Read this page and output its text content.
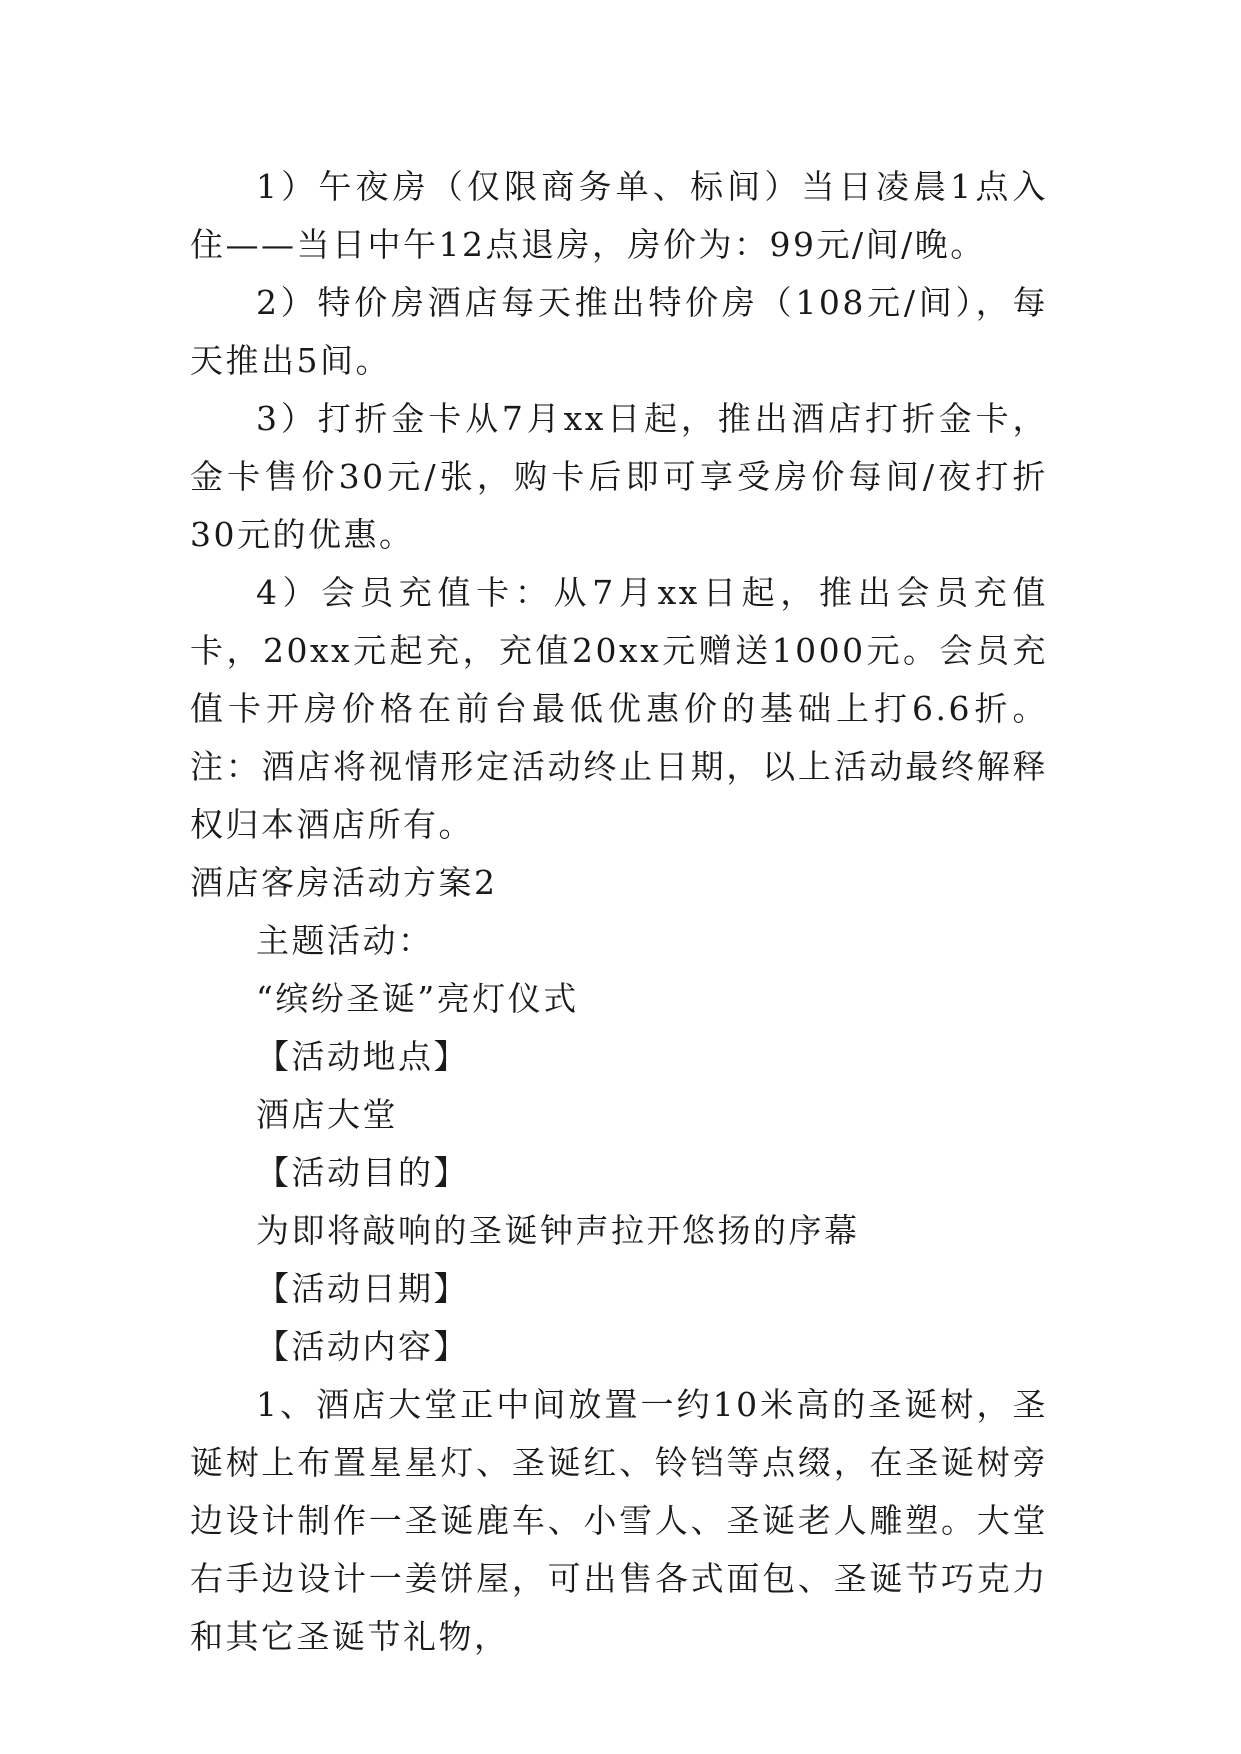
1）午夜房（仅限商务单、标间）当日凌晨1点入住——当日中午12点退房，房价为：99元/间/晚。

2）特价房酒店每天推出特价房（108元/间），每天推出5间。

3）打折金卡从7月xx日起，推出酒店打折金卡，金卡售价30元/张，购卡后即可享受房价每间/夜打折30元的优惠。

4）会员充值卡：从7月xx日起，推出会员充值卡，20xx元起充，充值20xx元赠送1000元。会员充值卡开房价格在前台最低优惠价的基础上打6.6折。注：酒店将视情形定活动终止日期，以上活动最终解释权归本酒店所有。

酒店客房活动方案2

主题活动：

“缤纷圣诞”亮灯仪式

【活动地点】

酒店大堂

【活动目的】

为即将敲响的圣诞钟声拉开悠扬的序幕

【活动日期】

【活动内容】

1、酒店大堂正中间放置一约10米高的圣诞树，圣诞树上布置星星灯、圣诞红、铃铛等点缀，在圣诞树旁边设计制作一圣诞鹿车、小雪人、圣诞老人雕塑。大堂右手边设计一姜饼屋，可出售各式面包、圣诞节巧克力和其它圣诞节礼物，
